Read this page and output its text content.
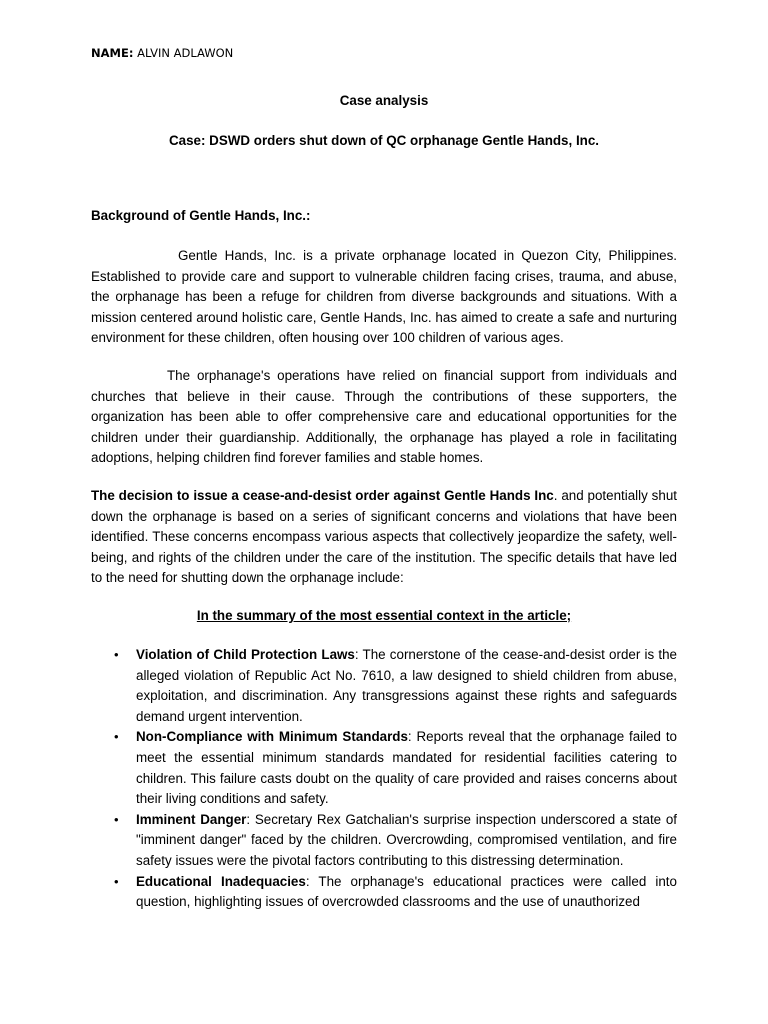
NAME: ALVIN ADLAWON
Case analysis
Case: DSWD orders shut down of QC orphanage Gentle Hands, Inc.
Background of Gentle Hands, Inc.:

Gentle Hands, Inc. is a private orphanage located in Quezon City, Philippines. Established to provide care and support to vulnerable children facing crises, trauma, and abuse, the orphanage has been a refuge for children from diverse backgrounds and situations. With a mission centered around holistic care, Gentle Hands, Inc. has aimed to create a safe and nurturing environment for these children, often housing over 100 children of various ages.

The orphanage's operations have relied on financial support from individuals and churches that believe in their cause. Through the contributions of these supporters, the organization has been able to offer comprehensive care and educational opportunities for the children under their guardianship. Additionally, the orphanage has played a role in facilitating adoptions, helping children find forever families and stable homes.

The decision to issue a cease-and-desist order against Gentle Hands Inc. and potentially shut down the orphanage is based on a series of significant concerns and violations that have been identified. These concerns encompass various aspects that collectively jeopardize the safety, well-being, and rights of the children under the care of the institution. The specific details that have led to the need for shutting down the orphanage include:

In the summary of the most essential context in the article;
• Violation of Child Protection Laws: The cornerstone of the cease-and-desist order is the alleged violation of Republic Act No. 7610, a law designed to shield children from abuse, exploitation, and discrimination. Any transgressions against these rights and safeguards demand urgent intervention.
• Non-Compliance with Minimum Standards: Reports reveal that the orphanage failed to meet the essential minimum standards mandated for residential facilities catering to children. This failure casts doubt on the quality of care provided and raises concerns about their living conditions and safety.
• Imminent Danger: Secretary Rex Gatchalian's surprise inspection underscored a state of "imminent danger" faced by the children. Overcrowding, compromised ventilation, and fire safety issues were the pivotal factors contributing to this distressing determination.
• Educational Inadequacies: The orphanage's educational practices were called into question, highlighting issues of overcrowded classrooms and the use of unauthorized
